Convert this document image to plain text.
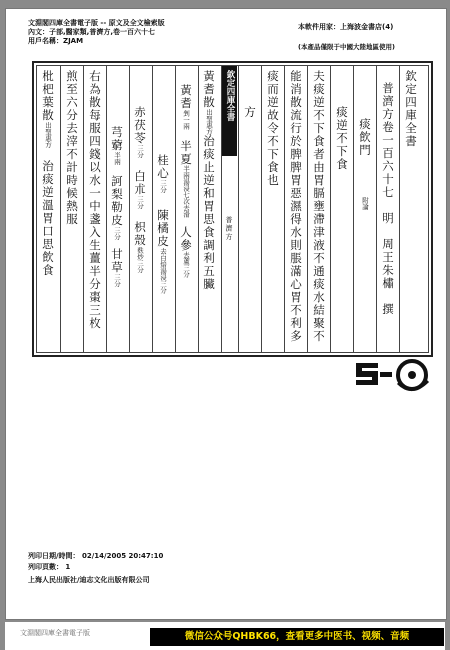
文淵閣四庫全書電子版 -- 原文及全文檢索版
內文：子部,醫家類,普濟方,卷一百六十七
用戶名稱：ZJAM
本軟件用家：上海波金書店(4)
(本產品僅限于中國大陸地區使用)
欽定四庫全書
普濟方卷一百六十七　明　周王朱橚　撰
痰飲門附論
痰逆不下食
夫痰逆不下食者由胃膈壅滯津液不通痰水結聚不
能消散流行於脾脾胃惡濕得水則脹滿心胃不利多
痰而逆故令不下食也
方
欽定四庫全書
普濟方
黃耆散出聖惠方治痰止逆和胃思食調利五臟
黃耆剉一兩半夏半兩湯浸七次去滑人參去蘆三分
桂心三分陳橘皮去白焙湯浸三分
赤茯苓三分白朮三分枳殼麩炒三分
芎藭半兩訶梨勒皮三分甘草三分
右為散每服四錢以水一中盞入生薑半分棗三枚
煎至六分去滓不計時候熱服
枇杷葉散出聖惠方治痰逆溫胃口思飲食
列印日期/時間： 02/14/2005 20:47:10
列印頁數： 1
上海人民出版社/迪志文化出版有限公司
文淵閣四庫全書電子版	微信公众号QHBK66，查看更多中医书、视频、音频
